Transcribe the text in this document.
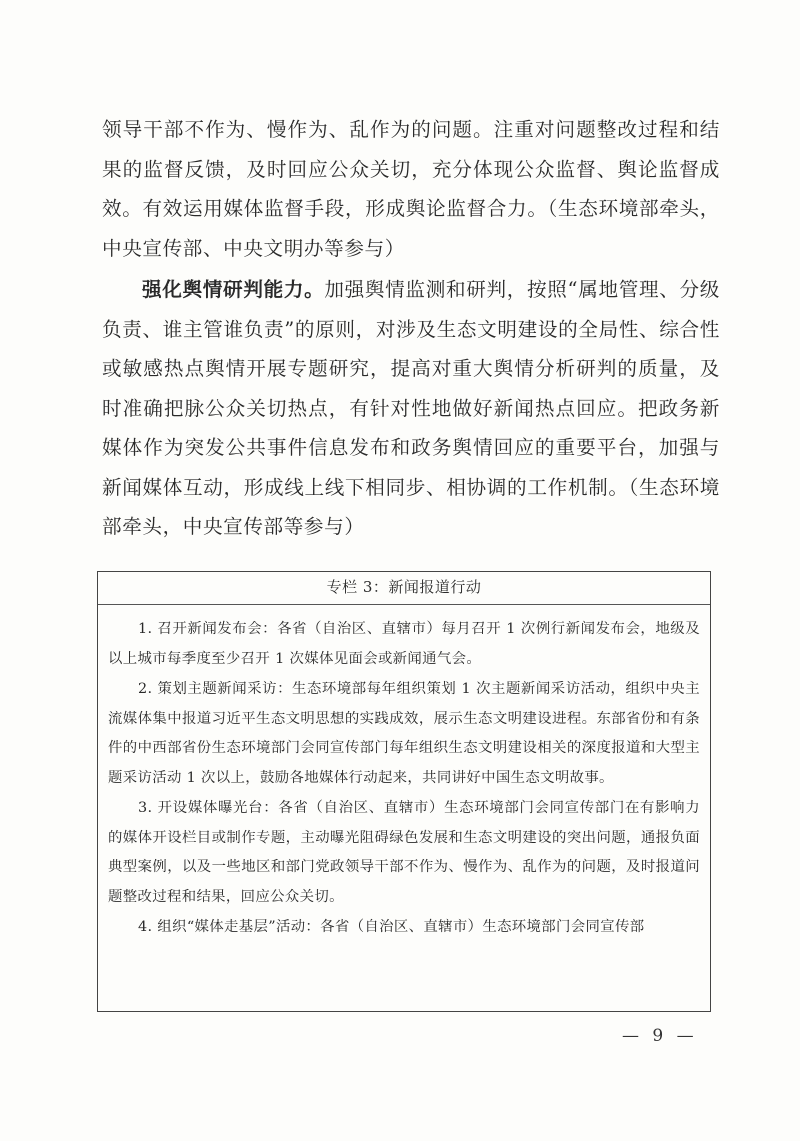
领导干部不作为、慢作为、乱作为的问题。注重对问题整改过程和结果的监督反馈，及时回应公众关切，充分体现公众监督、舆论监督成效。有效运用媒体监督手段，形成舆论监督合力。（生态环境部牵头，中央宣传部、中央文明办等参与）
强化舆情研判能力。加强舆情监测和研判，按照“属地管理、分级负责、谁主管谁负责”的原则，对涉及生态文明建设的全局性、综合性或敏感热点舆情开展专题研究，提高对重大舆情分析研判的质量，及时准确把脉公众关切热点，有针对性地做好新闻热点回应。把政务新媒体作为突发公共事件信息发布和政务舆情回应的重要平台，加强与新闻媒体互动，形成线上线下相同步、相协调的工作机制。（生态环境部牵头，中央宣传部等参与）
专栏 3：新闻报道行动

1. 召开新闻发布会：各省（自治区、直辖市）每月召开 1 次例行新闻发布会，地级及以上城市每季度至少召开 1 次媒体见面会或新闻通气会。

2. 策划主题新闻采访：生态环境部每年组织策划 1 次主题新闻采访活动，组织中央主流媒体集中报道习近平生态文明思想的实践成效，展示生态文明建设进程。东部省份和有条件的中西部省份生态环境部门会同宣传部门每年组织生态文明建设相关的深度报道和大型主题采访活动 1 次以上，鼓励各地媒体行动起来，共同讲好中国生态文明故事。

3. 开设媒体曝光台：各省（自治区、直辖市）生态环境部门会同宣传部门在有影响力的媒体开设栏目或制作专题，主动曝光阻碍绿色发展和生态文明建设的突出问题，通报负面典型案例，以及一些地区和部门党政领导干部不作为、慢作为、乱作为的问题，及时报道问题整改过程和结果，回应公众关切。

4. 组织“媒体走基层”活动：各省（自治区、直辖市）生态环境部门会同宣传部

— 9 —
